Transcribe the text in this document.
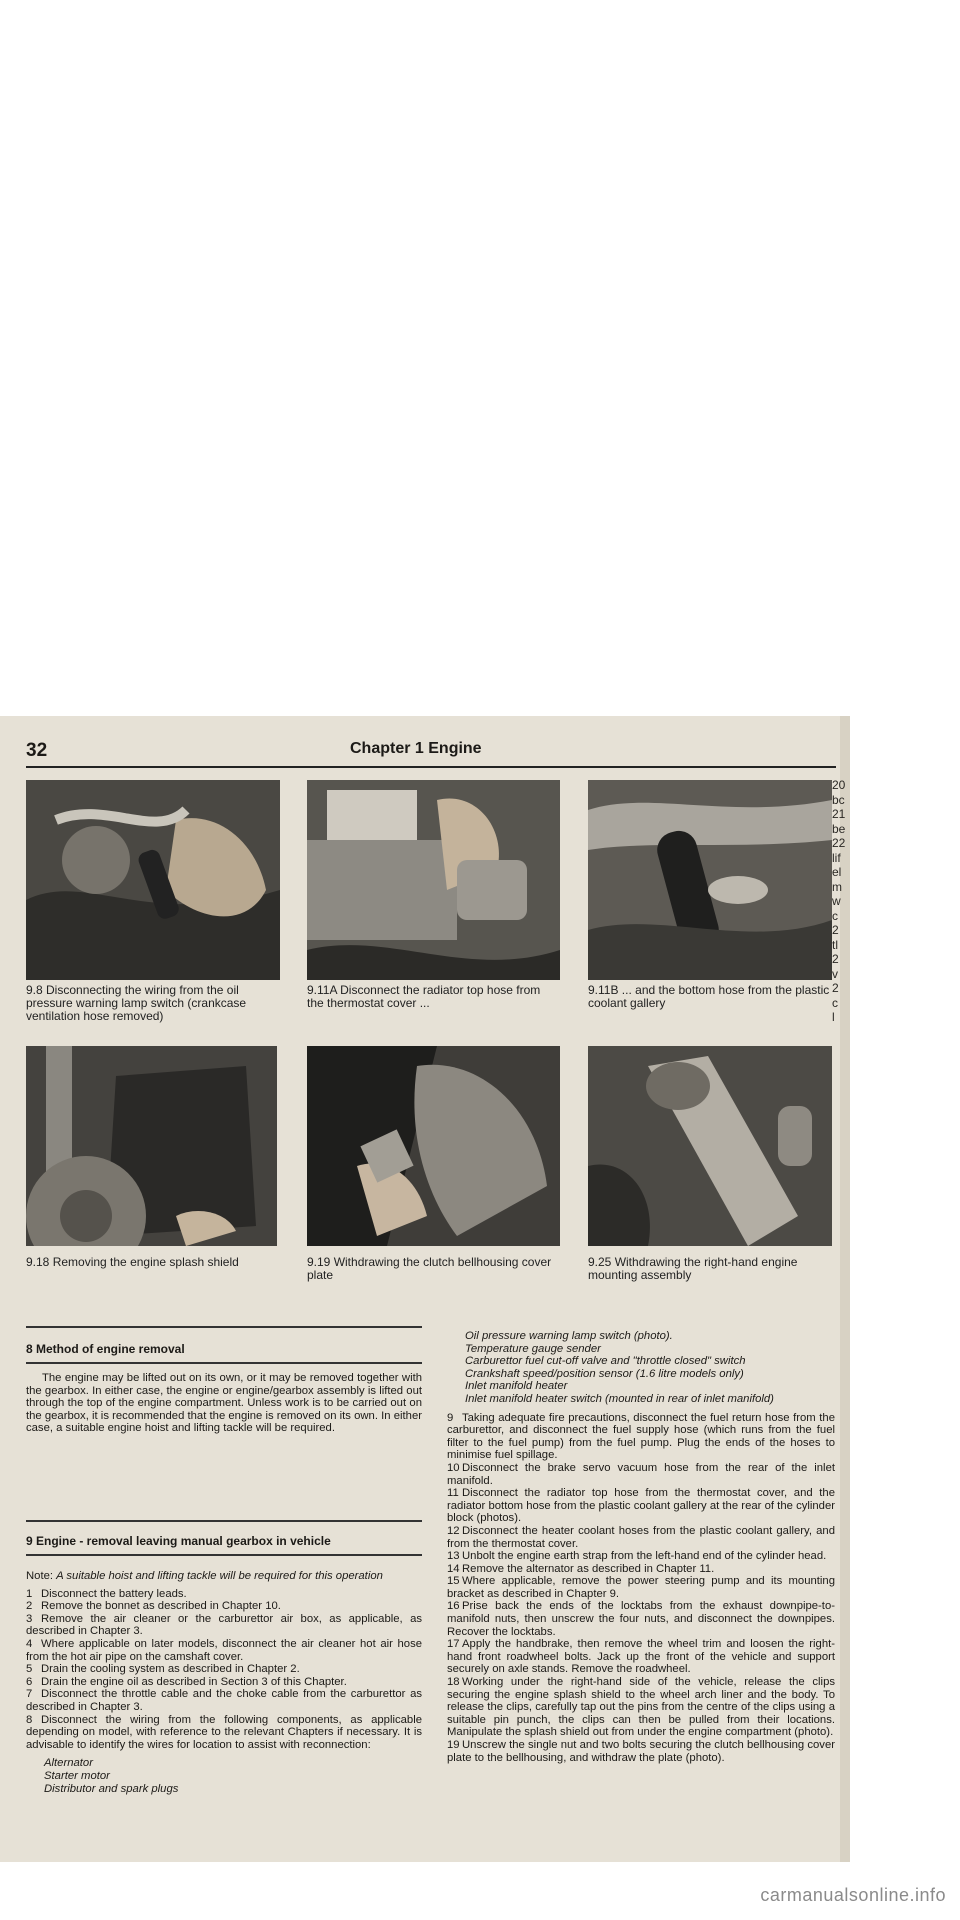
32	Chapter 1 Engine
9.8 Disconnecting the wiring from the oil pressure warning lamp switch (crankcase ventilation hose removed)
9.11A Disconnect the radiator top hose from the thermostat cover ...
9.11B ... and the bottom hose from the plastic coolant gallery
9.18 Removing the engine splash shield	9.19 Withdrawing the clutch bellhousing cover plate
9.25 Withdrawing the right-hand engine mounting assembly
20
bc
21
be
22
lif
el
m
w
c
2
tl
2
v
2
c
l
8 Method of engine removal

The engine may be lifted out on its own, or it may be removed together with the gearbox. In either case, the engine or engine/gearbox assembly is lifted out through the top of the engine compartment. Unless work is to be carried out on the gearbox, it is recommended that the engine is removed on its own. In either case, a suitable engine hoist and lifting tackle will be required.

9 Engine - removal leaving manual gearbox in vehicle

Note: A suitable hoist and lifting tackle will be required for this operation

1 Disconnect the battery leads.

2 Remove the bonnet as described in Chapter 10.

3 Remove the air cleaner or the carburettor air box, as applicable, as described in Chapter 3.

4 Where applicable on later models, disconnect the air cleaner hot air hose from the hot air pipe on the camshaft cover.

5 Drain the cooling system as described in Chapter 2.

6 Drain the engine oil as described in Section 3 of this Chapter.

7 Disconnect the throttle cable and the choke cable from the carburettor as described in Chapter 3.

8 Disconnect the wiring from the following components, as applicable depending on model, with reference to the relevant Chapters if necessary. It is advisable to identify the wires for location to assist with reconnection:

Alternator
Starter motor
Distributor and spark plugs
Oil pressure warning lamp switch (photo).
Temperature gauge sender
Carburettor fuel cut-off valve and "throttle closed" switch
Crankshaft speed/position sensor (1.6 litre models only)
Inlet manifold heater
Inlet manifold heater switch (mounted in rear of inlet manifold)

9 Taking adequate fire precautions, disconnect the fuel return hose from the carburettor, and disconnect the fuel supply hose (which runs from the fuel filter to the fuel pump) from the fuel pump. Plug the ends of the hoses to minimise fuel spillage.

10 Disconnect the brake servo vacuum hose from the rear of the inlet manifold.

11 Disconnect the radiator top hose from the thermostat cover, and the radiator bottom hose from the plastic coolant gallery at the rear of the cylinder block (photos).

12 Disconnect the heater coolant hoses from the plastic coolant gallery, and from the thermostat cover.

13 Unbolt the engine earth strap from the left-hand end of the cylinder head.

14 Remove the alternator as described in Chapter 11.

15 Where applicable, remove the power steering pump and its mounting bracket as described in Chapter 9.

16 Prise back the ends of the locktabs from the exhaust downpipe-to-manifold nuts, then unscrew the four nuts, and disconnect the downpipes. Recover the locktabs.

17 Apply the handbrake, then remove the wheel trim and loosen the right-hand front roadwheel bolts. Jack up the front of the vehicle and support securely on axle stands. Remove the roadwheel.

18 Working under the right-hand side of the vehicle, release the clips securing the engine splash shield to the wheel arch liner and the body. To release the clips, carefully tap out the pins from the centre of the clips using a suitable pin punch, the clips can then be pulled from their locations. Manipulate the splash shield out from under the engine compartment (photo).

19 Unscrew the single nut and two bolts securing the clutch bellhousing cover plate to the bellhousing, and withdraw the plate (photo).

carmanualsonline.info
